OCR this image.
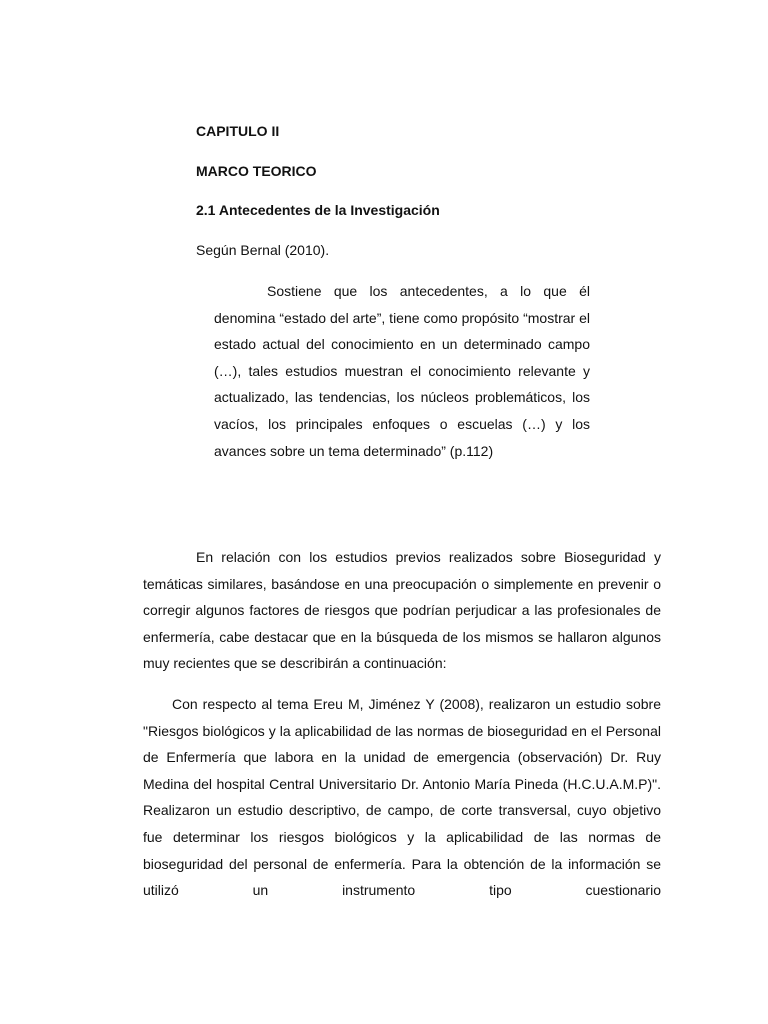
CAPITULO II
MARCO TEORICO
2.1 Antecedentes de la Investigación

Según Bernal (2010).

Sostiene que los antecedentes, a lo que él denomina “estado del arte”, tiene como propósito “mostrar el estado actual del conocimiento en un determinado campo (…), tales estudios muestran el conocimiento relevante y actualizado, las tendencias, los núcleos problemáticos, los vacíos, los principales enfoques o escuelas (…) y los avances sobre un tema determinado” (p.112)

En relación con los estudios previos realizados sobre Bioseguridad y temáticas similares, basándose en una preocupación o simplemente en prevenir o corregir algunos factores de riesgos que podrían perjudicar a las profesionales de enfermería, cabe destacar que en la búsqueda de los mismos se hallaron algunos muy recientes que se describirán a continuación:

Con respecto al tema Ereu M, Jiménez Y (2008), realizaron un estudio sobre "Riesgos biológicos y la aplicabilidad de las normas de bioseguridad en el Personal de Enfermería que labora en la unidad de emergencia (observación) Dr. Ruy Medina del hospital Central Universitario Dr. Antonio María Pineda (H.C.U.A.M.P)". Realizaron un estudio descriptivo, de campo, de corte transversal, cuyo objetivo fue determinar los riesgos biológicos y la aplicabilidad de las normas de bioseguridad del personal de enfermería. Para la obtención de la información se utilizó un instrumento tipo cuestionario
